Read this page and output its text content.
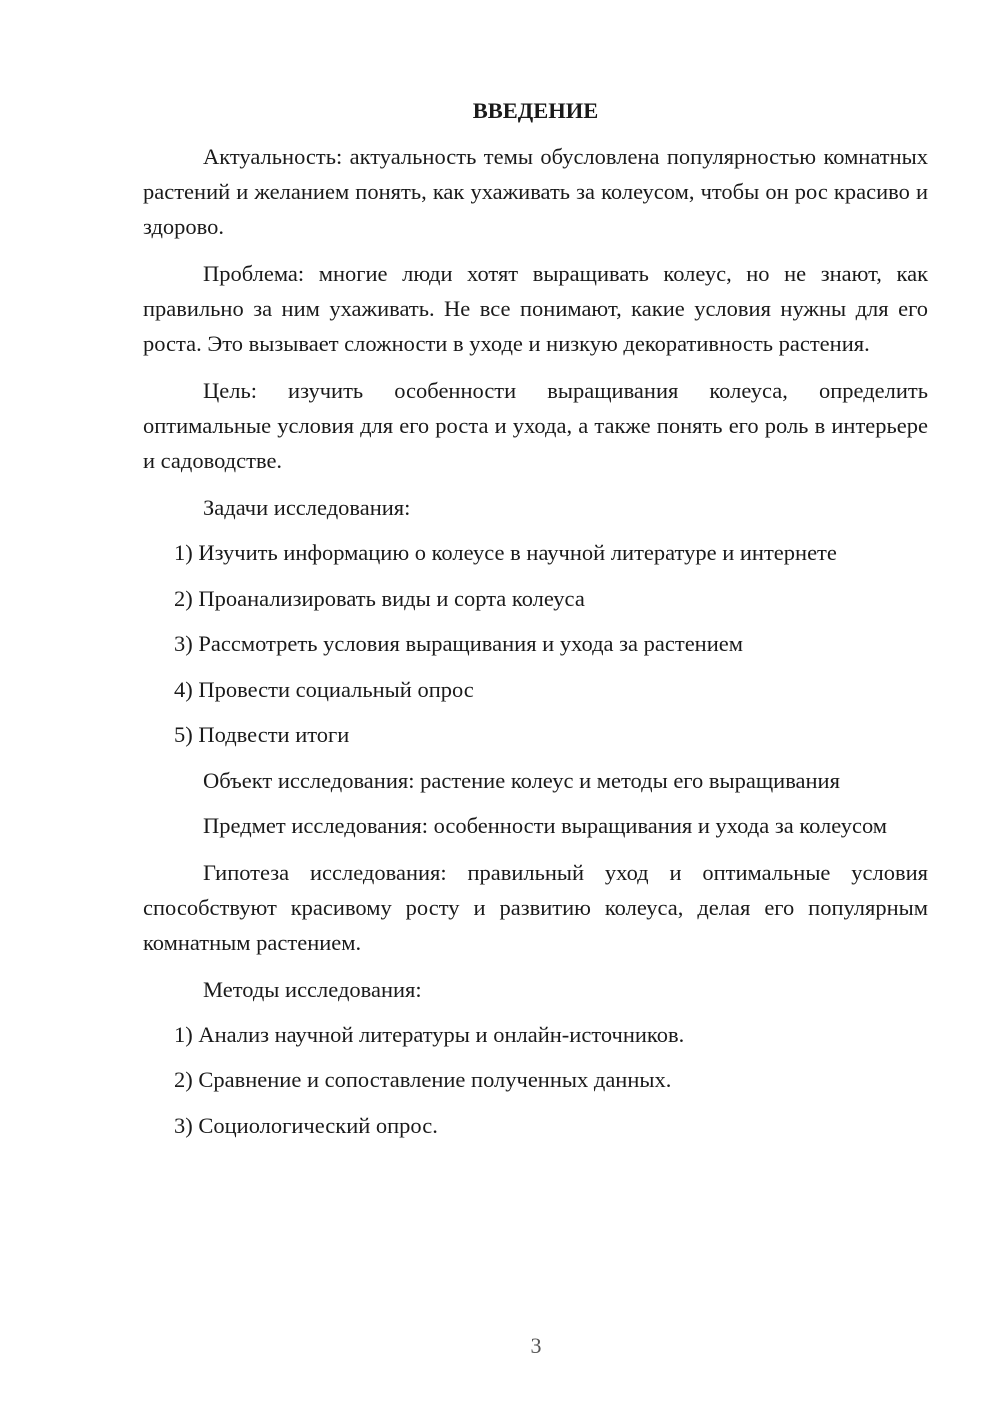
ВВЕДЕНИЕ

Актуальность: актуальность темы обусловлена популярностью комнатных растений и желанием понять, как ухаживать за колеусом, чтобы он рос красиво и здорово.

Проблема: многие люди хотят выращивать колеус, но не знают, как правильно за ним ухаживать. Не все понимают, какие условия нужны для его роста. Это вызывает сложности в уходе и низкую декоративность растения.

Цель: изучить особенности выращивания колеуса, определить оптимальные условия для его роста и ухода, а также понять его роль в интерьере и садоводстве.

Задачи исследования:

1) Изучить информацию о колеусе в научной литературе и интернете

2) Проанализировать виды и сорта колеуса

3) Рассмотреть условия выращивания и ухода за растением

4) Провести социальный опрос

5) Подвести итоги

Объект исследования: растение колеус и методы его выращивания

Предмет исследования: особенности выращивания и ухода за колеусом

Гипотеза исследования: правильный уход и оптимальные условия способствуют красивому росту и развитию колеуса, делая его популярным комнатным растением.

Методы исследования:

1) Анализ научной литературы и онлайн-источников.

2) Сравнение и сопоставление полученных данных.

3) Социологический опрос.

3
